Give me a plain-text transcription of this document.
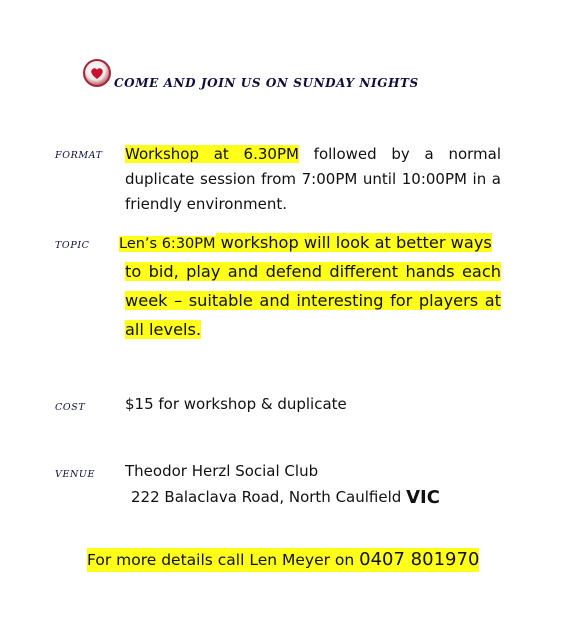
COME AND JOIN US ON SUNDAY NIGHTS
FORMAT Workshop at 6.30PM followed by a normal duplicate session from 7:00PM until 10:00PM in a friendly environment.
TOPIC Len’s 6:30PM workshop will look at better ways
to bid, play and defend different hands each week – suitable and interesting for players at all levels.
COST	$15 for workshop & duplicate
VENUE Theodor Herzl Social Club
222 Balaclava Road, North Caulfield VIC
For more details call Len Meyer on 0407 801970
